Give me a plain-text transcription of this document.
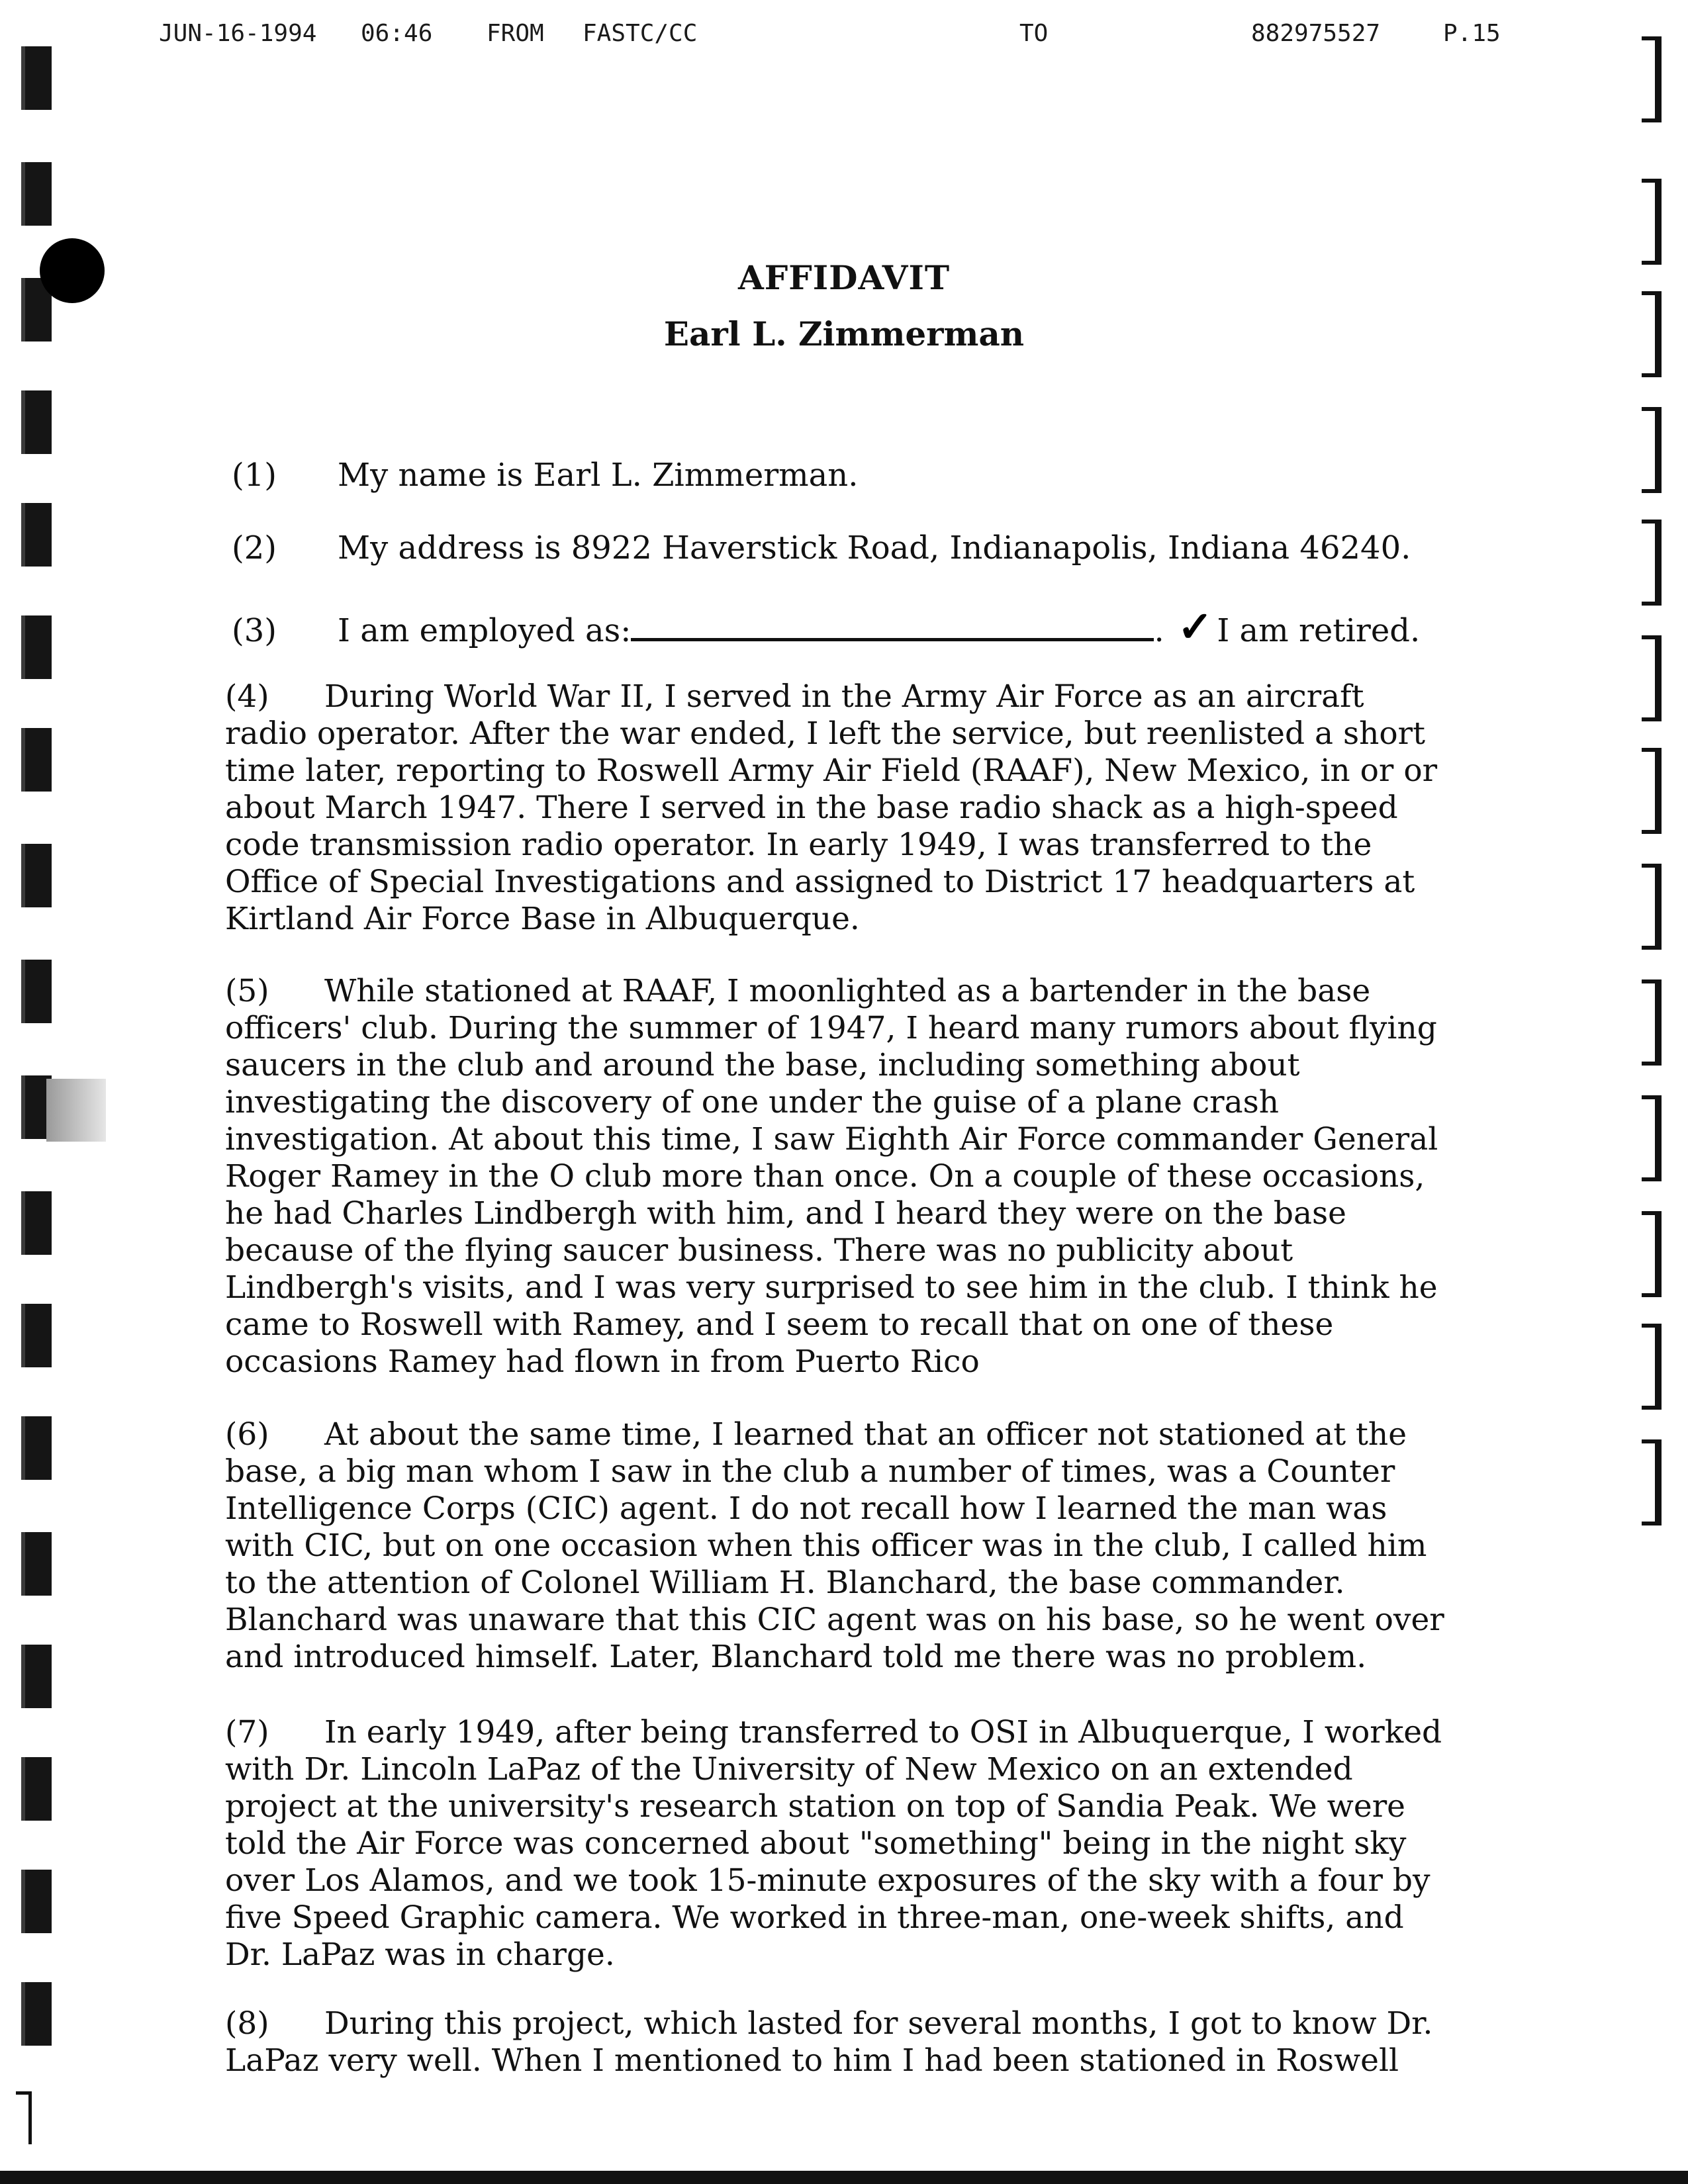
JUN-16-1994 06:46 FROM FASTC/CC	TO	882975527	P.15
AFFIDAVIT
Earl L. Zimmerman
(1) My name is Earl L. Zimmerman.
(2) My address is 8922 Haverstick Road, Indianapolis, Indiana 46240.
(3) I am employed as:	. ✓ I am retired.
(4) During World War II, I served in the Army Air Force as an aircraft radio operator. After the war ended, I left the service, but reenlisted a short time later, reporting to Roswell Army Air Field (RAAF), New Mexico, in or or about March 1947. There I served in the base radio shack as a high-speed code transmission radio operator. In early 1949, I was transferred to the Office of Special Investigations and assigned to District 17 headquarters at Kirtland Air Force Base in Albuquerque.
(5) While stationed at RAAF, I moonlighted as a bartender in the base officers' club. During the summer of 1947, I heard many rumors about flying saucers in the club and around the base, including something about investigating the discovery of one under the guise of a plane crash investigation. At about this time, I saw Eighth Air Force commander General Roger Ramey in the O club more than once. On a couple of these occasions, he had Charles Lindbergh with him, and I heard they were on the base because of the flying saucer business. There was no publicity about Lindbergh's visits, and I was very surprised to see him in the club. I think he came to Roswell with Ramey, and I seem to recall that on one of these occasions Ramey had flown in from Puerto Rico
(6) At about the same time, I learned that an officer not stationed at the base, a big man whom I saw in the club a number of times, was a Counter Intelligence Corps (CIC) agent. I do not recall how I learned the man was with CIC, but on one occasion when this officer was in the club, I called him to the attention of Colonel William H. Blanchard, the base commander. Blanchard was unaware that this CIC agent was on his base, so he went over and introduced himself. Later, Blanchard told me there was no problem.
(7) In early 1949, after being transferred to OSI in Albuquerque, I worked with Dr. Lincoln LaPaz of the University of New Mexico on an extended project at the university's research station on top of Sandia Peak. We were told the Air Force was concerned about "something" being in the night sky over Los Alamos, and we took 15-minute exposures of the sky with a four by five Speed Graphic camera. We worked in three-man, one-week shifts, and Dr. LaPaz was in charge.
(8) During this project, which lasted for several months, I got to know Dr. LaPaz very well. When I mentioned to him I had been stationed in Roswell
